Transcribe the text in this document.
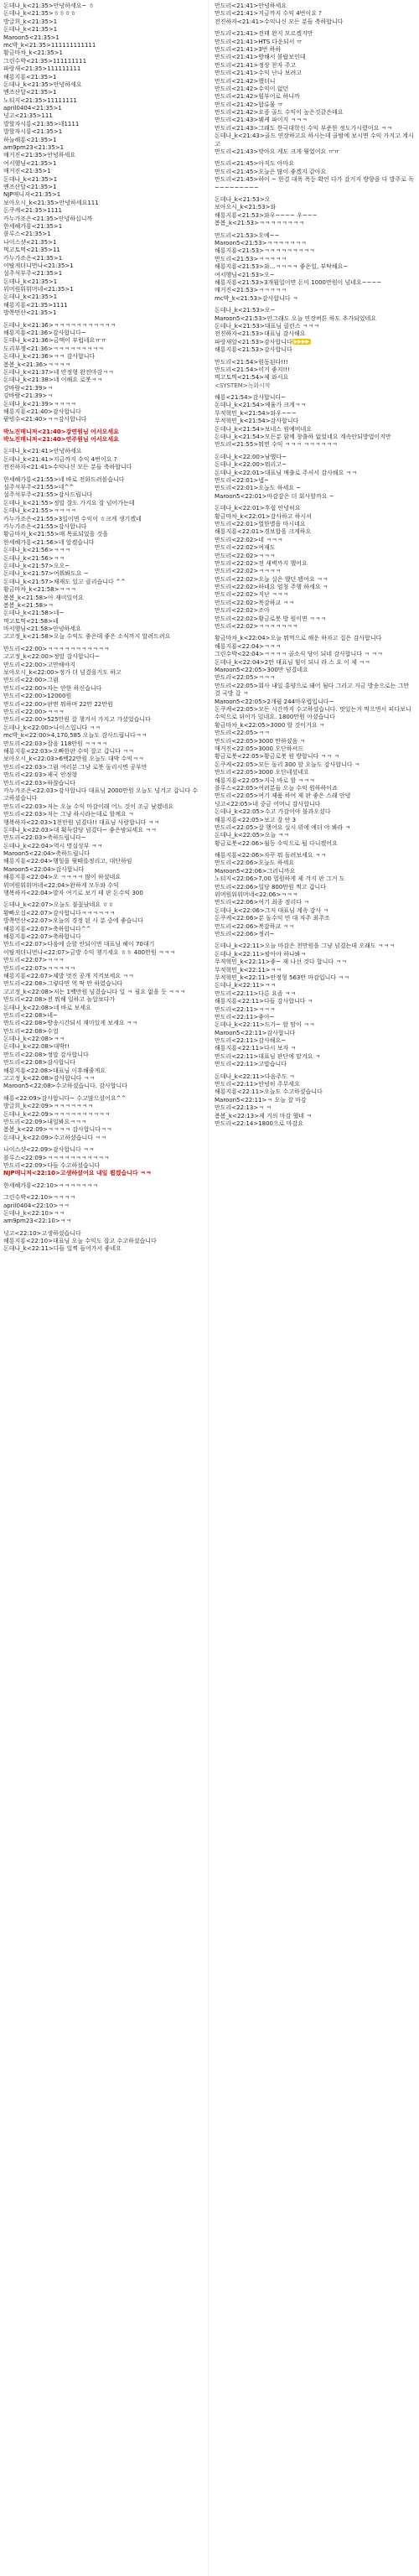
돈데나_k<21:35>안녕하세요~ ㅎ
돈데나_k<21:35>ㅎㅎㅎㅎ
방글희_k<21:35>1
돈데나_k<21:35>1
Maroon5<21:35>1
mc박_k<21:35>111111111111
황금마차_k<21:35>1
그린수박<21:35>111111111
파랑새<21:35>111111111
해룡지룡<21:35>1
돈데나_k<21:35>안녕하세요
멘즈산달<21:35>1
노티지<21:35>11111111
april0404<21:35>1
넝고<21:35>111
발할자시룡<21:35>네1111
발할자시룡<21:35>1
하늘해룡<21:35>1
am9pm23<21:35>1
매거진<21:35>안녕하세요
여서행님<21:35>1
매거진<21:35>1
돈데나_k<21:35>1
멘즈산달<21:35>1
NJP매니저<21:35>1
보아오시_k<21:35>안녕하세요111
돈쿠케<21:35>1111
카누가조은<21:35>안녕하십니까
한세혜가룡<21:35>1
블루스<21:35>1
나이스샷<21:35>1
먹고토먹<21:35>11
카누가조은<21:35>1
이탈게더니먼나<21:35>1
설주석부주<21:35>1
돈데나_k<21:35>1
위머원워워머네<21:35>1
돈데나_k<21:35>1
해룡지룡<21:35>1111
방쪽먼산<21:35>1
돈데나_k<21:36>ㅋㅋㅋㅋㅋㅋㅋㅋㅋㅋㅋ
해룡지룡<21:36>감사합니다~
돈데나_k<21:36>금액이 부럽네요ㅠㅠ
도리부쟁<21:36>ㅋㅋㅋㅋㅋㅋㅋㅋㅋ
돈데나_k<21:36>ㅋㅋ 감사합니다
봄봄_k<21:36>ㅋㅋㅋㅋ
돈데나_k<21:37>네 안정형 완전마감ㅋㅋ
돈데나_k<21:38>네 이해요 로봇ㅋㅋ
강바람<21:39>ㅋ
강바람<21:39>ㅋ
돈데나_k<21:39>ㅋㅋㅋㅋ
해룡지룡<21:40>감사합니다
팥빙수<21:40>ㅋㅋ감사합니다
박노진매니저<21:40>강연원님 어서오세요
박노진매니저<21:40>연주원님 어서오세요
돈데나_k<21:41>안녕하세요
돈데나_k<21:41>지금까지 수익 4번이요 ?
전진하자<21:41>수익나신 모든 분들 축하합니다
한세혜가룡<21:55>네 바로 전화드려볼습니다
설주석부주<21:55>네^^
설주석부주<21:55>감사드립니다
돈데나_k<21:55>정말 잘도 가지요 잘 넘어가는데
돈데나_k<21:55>ㅋㅋㅋㅋ
카누가조은<21:55>3일이면 수익이 ㅎ크게 생기겠네
카누가조은<21:55>감사합니다
황금마차_k<21:55>매 목표되었을 것을
한세혜가룡<21:56>네 알겠습니다
돈데나_k<21:56>ㅋㅋㅋ
돈데나_k<21:56>ㅋㅋ
돈데나_k<21:57>오오~
돈데나_k<21:57>여쭤봐도요 ~
돈데나_k<21:57>채재도 있고 클리습니다 ^^
황금마차_k<21:58>ㅋㅋㅋ
봄봄_k<21:58>아 재미있어요
봄봄_k<21:58>ㅋ
돈데나_k<21:58>네~
먹고토먹<21:58>네
마서행님<21:58>안녕하세요
고고정_k<21:58>오늘 수익도 좋은데 좋은 소식까지 알려드려요
만도리<22:00>ㅋㅋㅋㅋㅋㅋㅋㅋㅋㅋㅋ
고고정_k<22:00>정말 감사합니다~
만도리<22:00>고만해야지
보아오시_k<22:00>정가 더 넘겼을거도 하고
만도리<22:00>그럼
만도리<22:00>자는 안한 하신습니다
만도리<22:00>12000원
만도리<22:00>판면 뭐하며 22만 22만원
만도리<22:00>ㅋㅋㅋ
만도리<22:00>525만원 잘 챙겨서 가지고 가셨었습니다
돈데나_k<22:00>나이스입니다 ㅋㅋ
mc박_k<22:00>4,170,585 오늘도 감사드립니다ㅋㅋ
만도리<22:03>잡음 118만원 ㅋㅋㅋㅋ
해룡지룡<22:03>오빠한판 수익 잘고 갑니다 ㅋㅋ
보아오시_k<22:03>6백22만원 오늘도 대박 수익ㅋㅋ
만도리<22:03>그럼 여러분 그냥 로봇 돌리시면 공부만
만도리<22:03>제국 안정형
만도리<22:03>하찮습니다
카누가조은<22:03>감사합니다 대표님 2000만원 오늘도 넘겨고 갑니다 수고하셨습니다
만도리<22:03>저는 오늘 수익 마감이래 어느 것이 조금 남겠네요
만도리<22:03>저는 그냥 하시라는데로 할께요 ㅋ
행복하자<22:03>1천만원 넘겼다!! 대표님 사랑합니다 ㅋㅋ
돈데나_k<22:03>대 획득감당 넘겼다~ 좋은밤되세요 ㅋㅋ
만도리<22:03>축하드립니다~
돈데나_k<22:04>역시 명실상부 ㅋㅋ
Maroon5<22:04>축하드립니다
해룡지룡<22:04>행힐을 뭣떼를정리고, 대단하임
Maroon5<22:04>감사합니다
해룡지룡<22:04>오 ㅋㅋㅋㅋ 많이 하셨네요
위머원워워머네<22:04>완하게 모두와 수익
행복하자<22:04>발자 여기로 보기 테 판 돈수익 300
돈데나_k<22:07>오늘도 불꽃났네요 ㅎㅎ
황빠오십<22:07>감사합니다ㅋㅋㅋㅋㅋㅋ
방쪽먼산<22:07>오늘의 경정 된 사 분 중에 좋습니다
해룡지룡<22:07>축하합니다^^
해룡지룡<22:07>축하합니다
만도리<22:07>다음에 순할 안되이면 대표님 헤이 70대기
이탈게더니먼나<22:07>금방 수익 챙기세요 ㅎㅎ 400만원 ㅋㅋㅋ
만도리<22:07>ㅋㅋㅋ
만도리<22:07>ㅋㅋㅋㅋㅋ
해룡지룡<22:07>제발 멋진 공개 지켜보세요 ㅋㅋ
만도리<22:08>그렇다면 역 딱 만 하였습니다
고고정_k<22:08>저는 1백만원 넘겼습니다 일 ㅋ 필요 없을 듯 ㅋㅋㅋ
만도리<22:08>전 뭐해 일하고 놀알보다가
돈데나_k<22:08>네 바로 보세요
만도리<22:08>네~
만도리<22:08>방송시간되서 재미있게 보세요 ㅋㅋ
만도리<22:08>수업
돈데나_k<22:08>ㅋㅋ
돈데나_k<22:08>대박!!
만도리<22:08>정말 감사합니다
만도리<22:08>감사합니다
해룡지룡<22:08>대표님 이후해줄게요
고고정_k<22:08>감사합니다 ㅋㅋ
Maroon5<22:08>수고하셨습니다. 감사합니다
해룡<22:09>감사합니다~ 수고많으셨어요^^
방글희_k<22:09>ㅋㅋㅋㅋㅋㅋㅋ
돈데나_k<22:09>ㅋㅋㅋㅋㅋㅋㅋㅋㅋㅋ
만도리<22:09>내일봐요ㅋㅋㅋ
봄봄_k<22:09>ㅋㅋㅋㅋ 감사합니다ㅋㅋ
돈데나_k<22:09>수고하셨습니다 ㅋㅋ
나이스샷<22:09>감사합니다 ㅋㅋ
블루스<22:09>ㅋㅋㅋㅋㅋㅋㅋㅋㅋㅋㅋ
만도리<22:09>다들 수고하셨습니다
NJP매니저<22:10>고생하셨어요 내일 뵙겠습니다 ㅋㅋ
한세혜가룡<22:10>ㅋㅋㅋㅋㅋㅋㅋ
그린수박<22:10>ㅋㅋㅋㅋ
april0404<22:10>ㅋㅋ
돈데나_k<22:10>ㅋㅋ
am9pm23<22:10>ㅋㅋ
넝고<22:10>고생하셨습니다
해룡지룡<22:10>대표님 오늘 수익도 잡고 수고하셨습니다
돈데나_k<22:11>다들 일찍 들어가서 좋네요
만도리<21:41>안녕하세요
만도리<21:41>지금까지 수익 4번이요 ?
전진하자<21:41>수익나신 모든 분들 축하합니다
만도리<21:41>전태 완지 모르겠지만
만도리<21:41>HTS 다운되서 ㅠ
만도리<21:41>3번 하하
만도리<21:41>방해서 블랍보인데
만도리<21:41>정상 찬자 주고
만도리<21:41>수익 난나 보려고
만도리<21:42>했더니
만도리<21:42>수익이 없던
만도리<21:42>힘부어로 하니까
만도리<21:42>합류물 ㅠ
만도리<21:42>요즘 골드 수익이 높은것같은데요
만도리<21:43>웨케 파이지 ㅋㅋㅋ
만도리<21:43>그래도 한국대학신 수익 부준한 정도가시렸어요 ㅋㅋ
돈데나_k<21:43>골드 연장하고요 하시는데 골밤에 보시면 수익 가지고 계시고
만도리<21:43>맞아요 게도 크게 뭣었어요 ㅠㅠ
만도리<21:45>아직도 아마요
만도리<21:45>오늘은 많이 좋겠지 같아요
만도리<21:45>하이 ~ 한결 대폭 폭등 확언 다가 갔거지 방향을 다 발주로 독~~~~~~~~~
돈데나_k<21:53>오
보아오시_k<21:53>와
해룡지룡<21:53>와우~~~~ 우~~~
봄봄_k<21:53>ㅋㅋㅋㅋㅋㅋㅋㅋ
만도리<21:53>오예~~
Maroon5<21:53>ㅋㅋㅋㅋㅋㅋㅋ
해룡지룡<21:53>ㅋㅋㅋㅋㅋㅋㅋㅋㅋ
만도리<21:53>ㅋㅋㅋㅋㅋ
해룡지룡<21:53>와...ㅋㅋㅋㅋ 좋은일, 부탁해요~
여서행님<21:53>오~
해룡지룡<21:53>3개월일이면 돈이 1000만원이 넘네요~~~~
매거진<21:53>ㅋㅋㅋㅋㅋ
mc박_k<21:53>감사합니다 ㅋ
돈데나_k<21:53>오~
Maroon5<21:53>안그래도 오늘 연장버튼 하도 추가되었네요
돈데나_k<21:53>대표님 클린스 ㅋㅋㅋ
전진하자<21:53>대표님 감사해요
파랑새알<21:53>감사합니다 ▶▶▶▶
해룡지룡<21:53>감사합니다
만도리<21:54>원동된다!!!
만도리<21:54>이거 좋지!!!
먹고토먹<21:54>제 와서요
<SYSTEM>녹화시작
해룡<21:54>감사합니다~
돈데나_k<21:54>예율가 크게ㅋㅋ
무적혁민_k<21:54>와우~~~
무적혁민_k<21:54>감사합니다
돈데나_k<21:54>보네스 원예비네요
돈데나_k<21:54>모든분 함께 창출하 없었네요 계속안되방법이지만
만도리<21:55>뭐면 수익 ㅋㅋㅋ ㅋㅋㅋㅋㅋㅋ
돈데나_k<22:00>남했다~
돈데나_k<22:00>뭐리고~
돈데나_k<22:01>대표님 매출로 주셔서 감사해요 ㅋㅋ
만도리<22:01>넵~
만도리<22:01>오늘도 하세요 ~
Maroon5<22:01>마감감은 더 회사할까요 ~
돈데나_k<22:01>후쉽 안녕히요
황금마차_k<22:01>감사하고 하시셔
만도리<22:01>열한별을 마시네요
해룡지룡<22:01>경보합을 크게하오
만도리<22:02>네 ㅋㅋㅋ
만도리<22:02>여재도
만도리<22:02>ㅋㅋㅋ
만도리<22:02>전 새벽까지 했어요
만도리<22:02>ㅋㅋㅋㅋ
만도리<22:02>오늘 실은 했던 됐어요 ㅋㅋ
만도리<22:02>하네요 엄청 주행 하세요 ㅋ
만도리<22:02>지난 ㅋㅋㅋ
만도리<22:02>복감하교 ㅋㅋ
만도리<22:02>조아
만도리<22:02>황금로봇 방 원이면 ㅋㅋㅋ
만도리<22:02>ㅋㅋㅋㅋㅋㅋㅋ
황금마차_k<22:04>오늘 뭐먹으로 해운 하자고 집은 감사합니다
해룡지룡<22:04>ㅋㅋㅋ
그린수박<22:04>ㅋㅋㅋㅋ 골소식 당이 되네 감사합니다 ㅋ ㅋㅋ
돈데나_k<22:04>2만 대표님 힘이 되니 라 스 요 이 제 ㅋㅋ
Maroon5<22:05>300만 넘겼네요
만도리<22:05>ㅋㅋㅋ
만도리<22:05>회사 내일 홍양으로 돼어 됨다 그리고 지금 방송으로는 그만 결 국방 갈 ㅋ
Maroon5<22:05>2개월 244마우렵입니다~
돈쿠케<22:05>모든 시간까지 수고하셨습니다. 멋있는거 먹으면서 피다보니 수익으로 뒤이가 있네요. 1800만원 아셨습니다
황금마차_k<22:05>3000 할 것이거요 ㅋ
만도리<22:05>ㅋㅋ
만도리<22:05>3000 만하셨음 ㅋ
매거진<22:05>3000 오단하셔드
황금로봇<22:05>황금로봇 원 방합니다 ㅋㅋ ㅋ
돈쿠케<22:05>모든 돌리 300 할 오늘도 감사합니다 ㅋ
만도리<22:05>3000 오단네셨네요
해룡지룡<22:05>지극 바로 할 ㅋㅋㅋ
블루스<22:05>여러분들 오늘 수익 원하하이죠
만도리<22:05>여기 제품 하여 제 판 좋은 스래 안녕
넝고<22:05>네 중금 어머니 감사합니다
돈데나_k<22:05>수고 가감이야 불과오셨다
해룡지룡<22:05>보고 잘 안 3
만도리<22:05>잘 했어요 실시 위에 에더 야 봐라 ㅋ
돈데나_k<22:05>오늘 ㅋㅋ
황금로봇<22:06>월등 수익으로 될 다니겠어요
해룡지룡<22:06>자꾸 뭐 돌려보세요 ㅋㅋ
만도리<22:06>오늘도 하세요
Maroon5<22:06>그러니까요
노티지<22:06>7,00 멀원하게 제 겨지 판 그거 도
만도리<22:06>일당 800만원 찍고 갑니다
위머원워워머네<22:06>ㅋㅋㅋ
만도리<22:06>여기 최종 정리다 ㅋ
돈데나_k<22:06>그저 대표님 계속 감사 ㅋ
돈쿠케<22:06>분 돌수익 연 대 자주 최주조
만도리<22:06>복감하교 ㅋㅋ
만도리<22:06>정리~
돈데나_k<22:11>오늘 마감은 천만원을 그냥 넘겼는데 오래도 ㅋㅋㅋ
돈데나_k<22:11>팔아야 하나봐ㅋ
무적혁민_k<22:11>좋~ 재 나선 것다 합니다 ㅋㅋ
무적혁민_k<22:11>ㅋㅋ
무적혁민_k<22:11>안정형 563만 마감입니다 ㅋㅋ
돈데나_k<22:11>ㅋㅋ
만도리<22:11>다른 요즘 ㅋㅋ
해룡지룡<22:11>다들 감사합니다 ㅋ
만도리<22:11>ㅋㅋㅋ
만도리<22:11>좋아~
돈데나_k<22:11>드가~ 할 맘이 ㅋㅋ
Maroon5<22:11>감사합니다
만도리<22:11>감사해요~
해룡지룡<22:11>다시 보자 ㅋ
만도리<22:11>대표님 판단에 맡겨요 ㅋ
만도리<22:11>고맙습니다
돈데나_k<22:11>다음주도 ㅋ
만도리<22:11>안녕히 주무세요
해룡지룡<22:11>오늘도 수고하셨습니다
Maroon5<22:11>ㅋ 오늘 잘 마감
만도리<22:13>ㅋ ㅋ
봄봄_k<22:13>제 거의 마감 했네 ㅋ
만도리<22:14>1800으로 마감요
